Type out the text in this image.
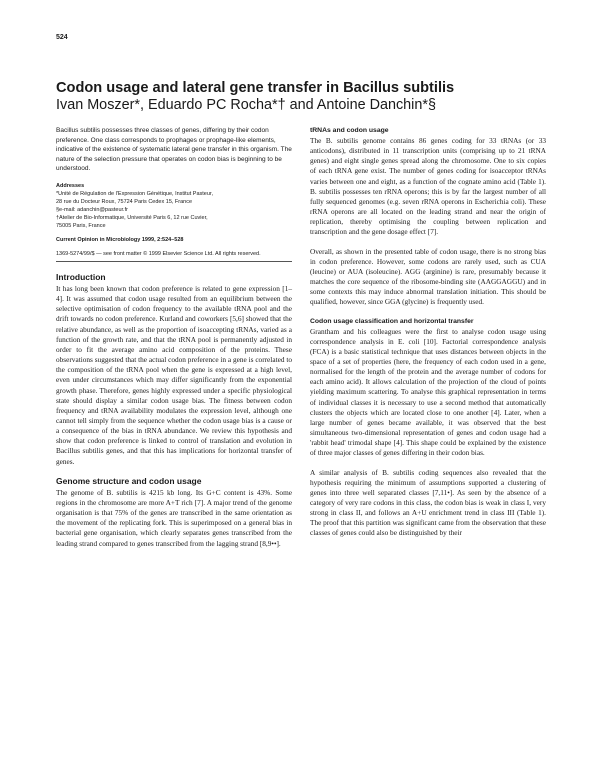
524
Codon usage and lateral gene transfer in Bacillus subtilis

Ivan Moszer*, Eduardo PC Rocha*† and Antoine Danchin*§

Bacillus subtilis possesses three classes of genes, differing by their codon preference. One class corresponds to prophages or prophage-like elements, indicative of the existence of systematic lateral gene transfer in this organism. The nature of the selection pressure that operates on codon bias is beginning to be understood.

Addresses
*Unité de Régulation de l'Expression Génétique, Institut Pasteur,
28 rue du Docteur Roux, 75724 Paris Cedex 15, France
§e-mail: adanchin@pasteur.fr
†Atelier de Bio-Informatique, Université Paris 6, 12 rue Cuvier,
75005 Paris, France

Current Opinion in Microbiology 1999, 2:524–528

1369-5274/99/$ — see front matter © 1999 Elsevier Science Ltd. All rights reserved.

Introduction

It has long been known that codon preference is related to gene expression [1–4]. It was assumed that codon usage resulted from an equilibrium between the selective optimisation of codon frequency to the available tRNA pool and the drift towards no codon preference. Kurland and coworkers [5,6] showed that the relative abundance, as well as the proportion of isoaccepting tRNAs, varied as a function of the growth rate, and that the tRNA pool is permanently adjusted in order to fit the average amino acid composition of the proteins. These observations suggested that the actual codon preference in a gene is correlated to the composition of the tRNA pool when the gene is expressed at a high level, even under circumstances which may differ significantly from the exponential growth phase. Therefore, genes highly expressed under a specific physiological state should display a similar codon usage bias. The fitness between codon frequency and tRNA availability modulates the expression level, although one cannot tell simply from the sequence whether the codon usage bias is a cause or a consequence of the bias in tRNA abundance. We review this hypothesis and show that codon preference is linked to control of translation and evolution in Bacillus subtilis genes, and that this has implications for horizontal transfer of genes.

Genome structure and codon usage

The genome of B. subtilis is 4215 kb long. Its G+C content is 43%. Some regions in the chromosome are more A+T rich [7]. A major trend of the genome organisation is that 75% of the genes are transcribed in the same orientation as the movement of the replicating fork. This is superimposed on a general bias in bacterial gene organisation, which clearly separates genes transcribed from the leading strand compared to genes transcribed from the lagging strand [8,9••].

tRNAs and codon usage

The B. subtilis genome contains 86 genes coding for 33 tRNAs (or 33 anticodons), distributed in 11 transcription units (comprising up to 21 tRNA genes) and eight single genes spread along the chromosome. One to six copies of each tRNA gene exist. The number of genes coding for isoacceptor tRNAs varies between one and eight, as a function of the cognate amino acid (Table 1). B. subtilis possesses ten rRNA operons; this is by far the largest number of all fully sequenced genomes (e.g. seven rRNA operons in Escherichia coli). These rRNA operons are all located on the leading strand and near the origin of replication, thereby optimising the coupling between replication and transcription and the gene dosage effect [7].

Overall, as shown in the presented table of codon usage, there is no strong bias in codon preference. However, some codons are rarely used, such as CUA (leucine) or AUA (isoleucine). AGG (arginine) is rare, presumably because it matches the core sequence of the ribosome-binding site (AAGGAGGU) and in some contexts this may induce abnormal translation initiation. This should be qualified, however, since GGA (glycine) is frequently used.

Codon usage classification and horizontal transfer

Grantham and his colleagues were the first to analyse codon usage using correspondence analysis in E. coli [10]. Factorial correspondence analysis (FCA) is a basic statistical technique that uses distances between objects in the space of a set of properties (here, the frequency of each codon used in a gene, normalised for the length of the protein and the average number of codons for each amino acid). It allows calculation of the projection of the cloud of points yielding maximum scattering. To analyse this graphical representation in terms of individual classes it is necessary to use a second method that automatically clusters the objects which are located close to one another [4]. Later, when a large number of genes became available, it was observed that the best simultaneous two-dimensional representation of genes and codon usage had a 'rabbit head' trimodal shape [4]. This shape could be explained by the existence of three major classes of genes differing in their codon bias.

A similar analysis of B. subtilis coding sequences also revealed that the hypothesis requiring the minimum of assumptions supported a clustering of genes into three well separated classes [7,11•]. As seen by the absence of a category of very rare codons in this class, the codon bias is weak in class I, very strong in class II, and follows an A+U enrichment trend in class III (Table 1). The proof that this partition was significant came from the observation that these classes of genes could also be distinguished by their
